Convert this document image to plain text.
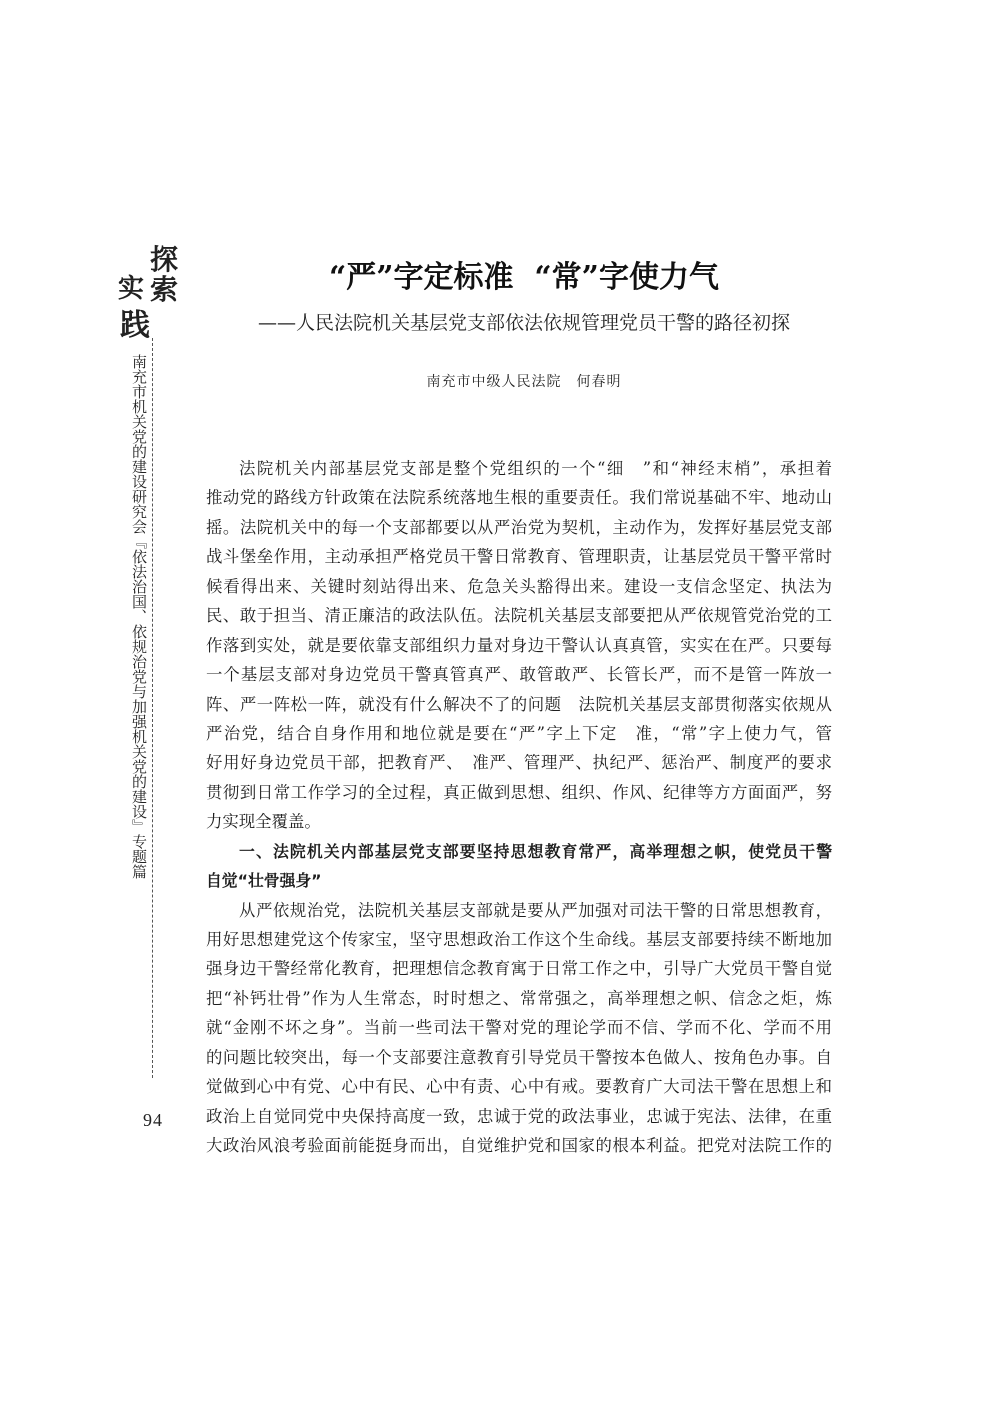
探
索
实
践
南充市机关党的建设研究会『依法治国、依规治党与加强机关党的建设』专题篇
94
“严”字定标准  “常”字使力气
——人民法院机关基层党支部依法依规管理党员干警的路径初探
南充市中级人民法院　何春明
法院机关内部基层党支部是整个党组织的一个“细　”和“神经末梢”，承担着
推动党的路线方针政策在法院系统落地生根的重要责任。我们常说基础不牢、地动山
摇。法院机关中的每一个支部都要以从严治党为契机，主动作为，发挥好基层党支部
战斗堡垒作用，主动承担严格党员干警日常教育、管理职责，让基层党员干警平常时
候看得出来、关键时刻站得出来、危急关头豁得出来。建设一支信念坚定、执法为
民、敢于担当、清正廉洁的政法队伍。法院机关基层支部要把从严依规管党治党的工
作落到实处，就是要依靠支部组织力量对身边干警认认真真管，实实在在严。只要每
一个基层支部对身边党员干警真管真严、敢管敢严、长管长严，而不是管一阵放一
阵、严一阵松一阵，就没有什么解决不了的问题　法院机关基层支部贯彻落实依规从
严治党，结合自身作用和地位就是要在“严”字上下定　准，“常”字上使力气，管
好用好身边党员干部，把教育严、　准严、管理严、执纪严、惩治严、制度严的要求
贯彻到日常工作学习的全过程，真正做到思想、组织、作风、纪律等方方面面严，努
力实现全覆盖。
一、法院机关内部基层党支部要坚持思想教育常严，高举理想之帜，使党员干警
自觉“壮骨强身”
从严依规治党，法院机关基层支部就是要从严加强对司法干警的日常思想教育，
用好思想建党这个传家宝，坚守思想政治工作这个生命线。基层支部要持续不断地加
强身边干警经常化教育，把理想信念教育寓于日常工作之中，引导广大党员干警自觉
把“补钙壮骨”作为人生常态，时时想之、常常强之，高举理想之帜、信念之炬，炼
就“金刚不坏之身”。当前一些司法干警对党的理论学而不信、学而不化、学而不用
的问题比较突出，每一个支部要注意教育引导党员干警按本色做人、按角色办事。自
觉做到心中有党、心中有民、心中有责、心中有戒。要教育广大司法干警在思想上和
政治上自觉同党中央保持高度一致，忠诚于党的政法事业，忠诚于宪法、法律，在重
大政治风浪考验面前能挺身而出，自觉维护党和国家的根本利益。把党对法院工作的
